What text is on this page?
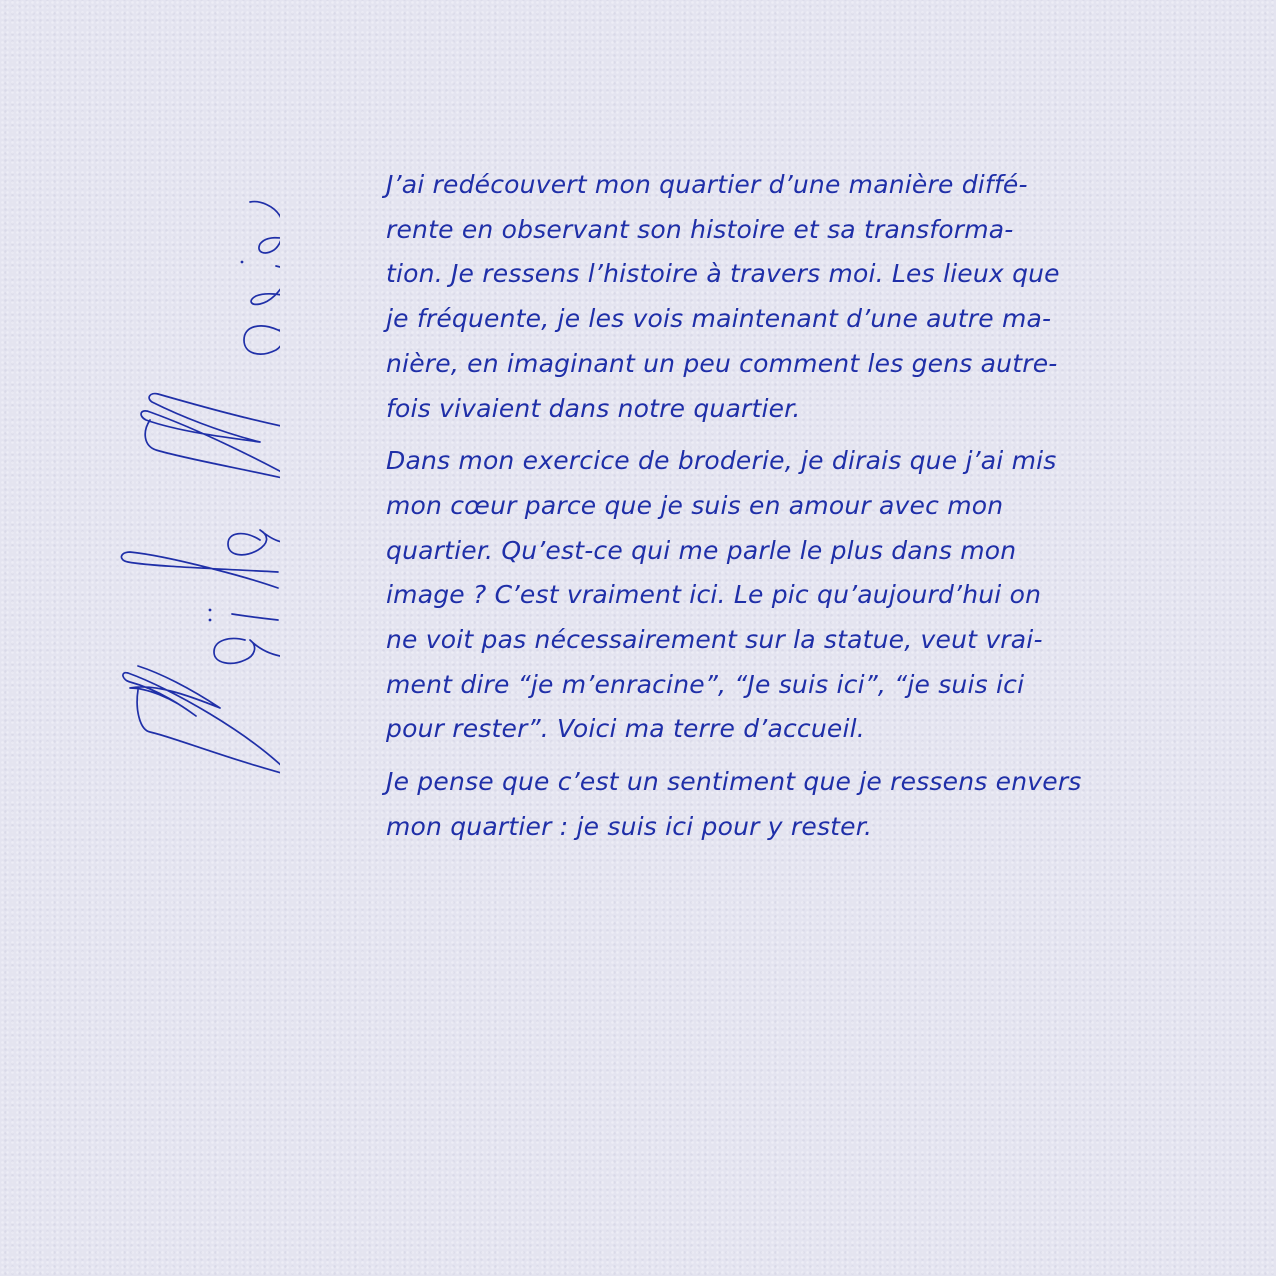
J’ai redécouvert mon quartier d’une manière diffé-
rente en observant son histoire et sa transforma-
tion. Je ressens l’histoire à travers moi. Les lieux que
je fréquente, je les vois maintenant d’une autre ma-
nière, en imaginant un peu comment les gens autre-
fois vivaient dans notre quartier.

Dans mon exercice de broderie, je dirais que j’ai mis
mon cœur parce que je suis en amour avec mon
quartier. Qu’est-ce qui me parle le plus dans mon
image ? C’est vraiment ici. Le pic qu’aujourd’hui on
ne voit pas nécessairement sur la statue, veut vrai-
ment dire “je m’enracine”, “Je suis ici”, “je suis ici
pour rester”. Voici ma terre d’accueil.

Je pense que c’est un sentiment que je ressens envers
mon quartier : je suis ici pour y rester.
